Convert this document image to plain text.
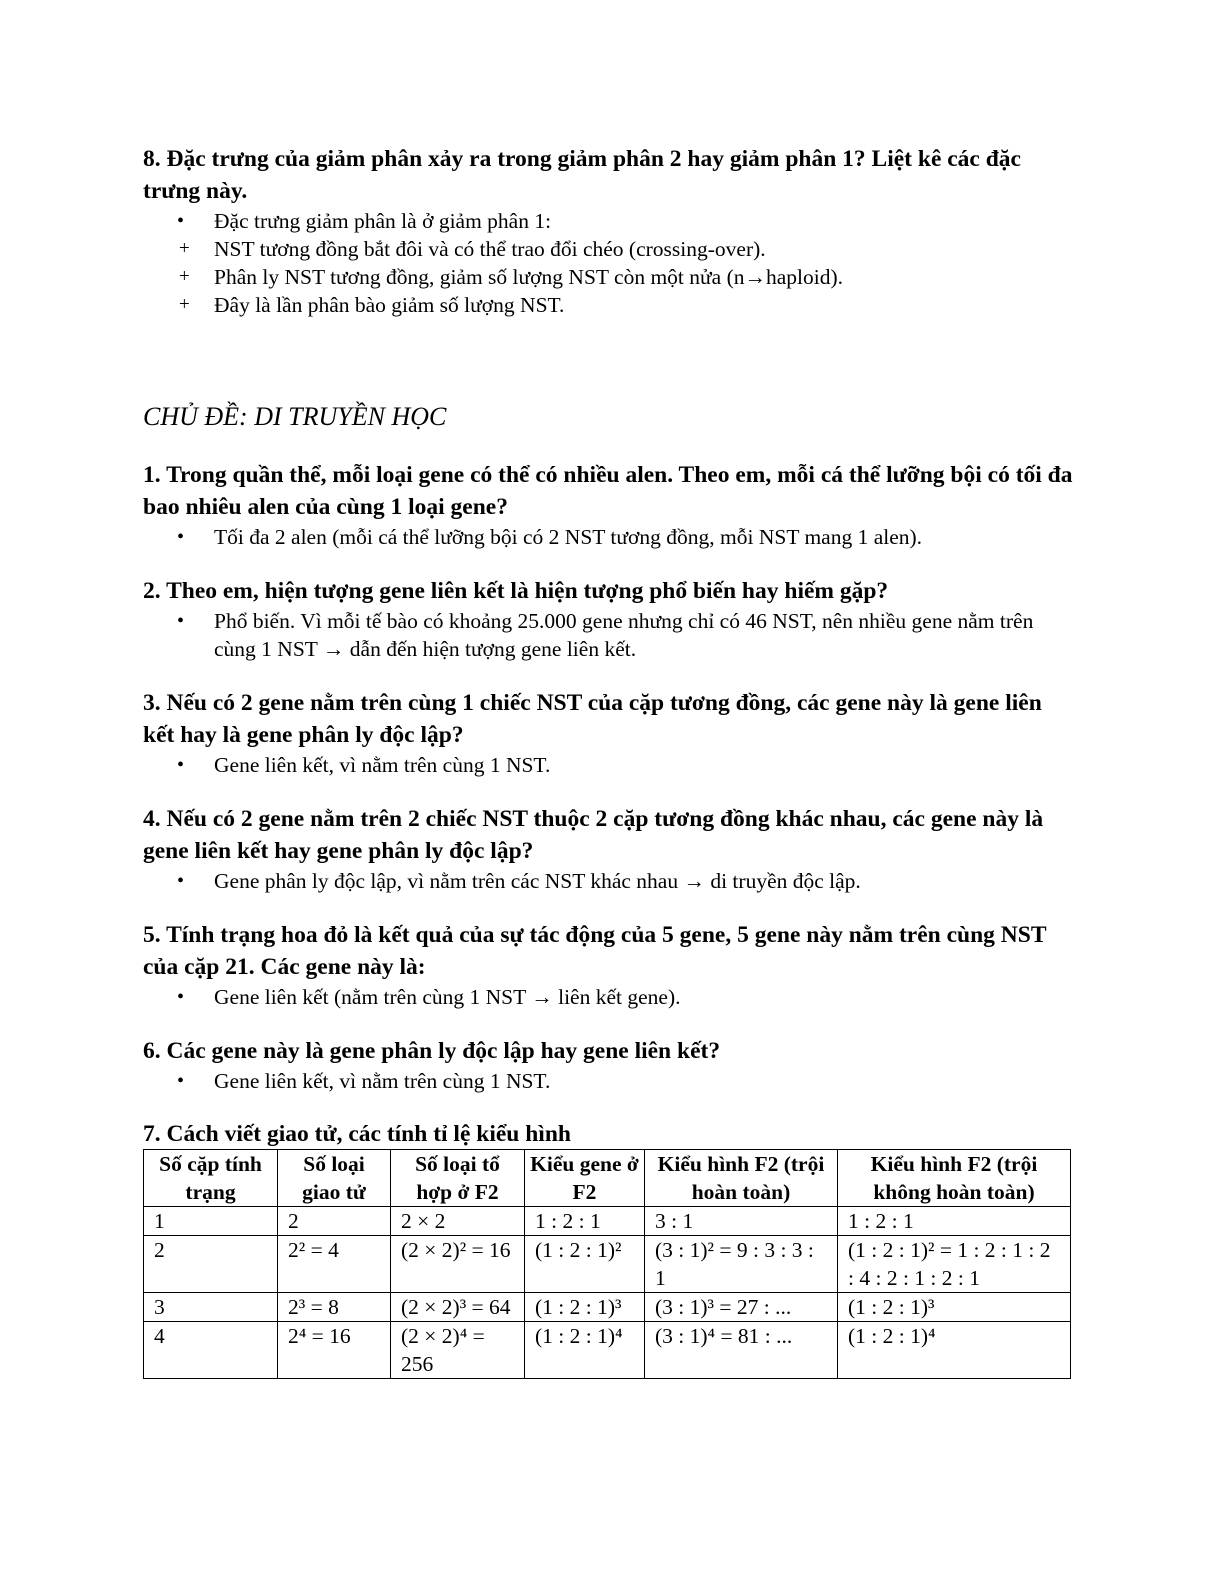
8. Đặc trưng của giảm phân xảy ra trong giảm phân 2 hay giảm phân 1? Liệt kê các đặc trưng này.

• Đặc trưng giảm phân là ở giảm phân 1:
+ NST tương đồng bắt đôi và có thể trao đổi chéo (crossing-over).
+ Phân ly NST tương đồng, giảm số lượng NST còn một nửa (n→haploid).
+ Đây là lần phân bào giảm số lượng NST.

CHỦ ĐỀ: DI TRUYỀN HỌC

1. Trong quần thể, mỗi loại gene có thể có nhiều alen. Theo em, mỗi cá thể lưỡng bội có tối đa bao nhiêu alen của cùng 1 loại gene?

• Tối đa 2 alen (mỗi cá thể lưỡng bội có 2 NST tương đồng, mỗi NST mang 1 alen).

2. Theo em, hiện tượng gene liên kết là hiện tượng phổ biến hay hiếm gặp?

• Phổ biến. Vì mỗi tế bào có khoảng 25.000 gene nhưng chỉ có 46 NST, nên nhiều gene nằm trên cùng 1 NST → dẫn đến hiện tượng gene liên kết.

3. Nếu có 2 gene nằm trên cùng 1 chiếc NST của cặp tương đồng, các gene này là gene liên kết hay là gene phân ly độc lập?

• Gene liên kết, vì nằm trên cùng 1 NST.

4. Nếu có 2 gene nằm trên 2 chiếc NST thuộc 2 cặp tương đồng khác nhau, các gene này là gene liên kết hay gene phân ly độc lập?

• Gene phân ly độc lập, vì nằm trên các NST khác nhau → di truyền độc lập.

5. Tính trạng hoa đỏ là kết quả của sự tác động của 5 gene, 5 gene này nằm trên cùng NST của cặp 21. Các gene này là:

• Gene liên kết (nằm trên cùng 1 NST → liên kết gene).

6. Các gene này là gene phân ly độc lập hay gene liên kết?

• Gene liên kết, vì nằm trên cùng 1 NST.

7. Cách viết giao tử, các tính tỉ lệ kiểu hình

Số cặp tính trạng	Số loại giao tử	Số loại tổ hợp ở F2	Kiểu gene ở F2	Kiểu hình F2 (trội hoàn toàn)	Kiểu hình F2 (trội không hoàn toàn)
1	2	2 × 2	1 : 2 : 1	3 : 1	1 : 2 : 1
2	2² = 4	(2 × 2)² = 16	(1 : 2 : 1)²	(3 : 1)² = 9 : 3 : 3 : 1	(1 : 2 : 1)² = 1 : 2 : 1 : 2 : 4 : 2 : 1 : 2 : 1
3	2³ = 8	(2 × 2)³ = 64	(1 : 2 : 1)³	(3 : 1)³ = 27 : ...	(1 : 2 : 1)³
4	2⁴ = 16	(2 × 2)⁴ = 256	(1 : 2 : 1)⁴	(3 : 1)⁴ = 81 : ...	(1 : 2 : 1)⁴
